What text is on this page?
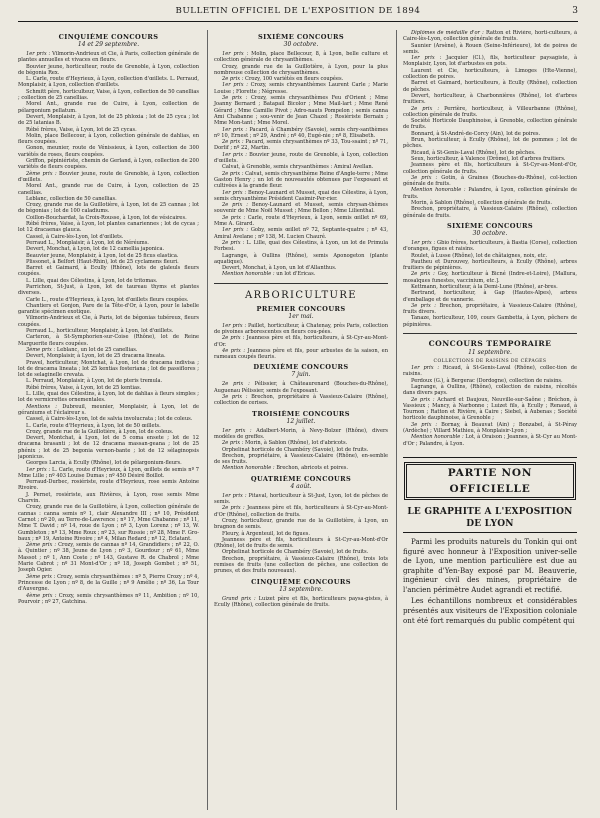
BULLETIN OFFICIEL DE L'EXPOSITION DE 1894	3
CINQUIÈME CONCOURS
14 et 29 septembre.
1er prix : Vilmorin-Andrieux et Cie, à Paris, collection générale de plantes annuelles et vivaces en fleurs.
Bouvier jeune, horticulteur, route de Grenoble, à Lyon, collection de bégonia Rex.
L. Carle, route d'Heyrieux, à Lyon, collection d'œillets. L. Perraud, Monplaisir, à Lyon, collection d'œillets.
Schmitt père, horticulteur, Vaise, à Lyon, collection de 50 canellias ; collection de 25 canellias.
Morel Ant., grande rue de Cuire, à Lyon, collection de pélargonium pellatum.
Devert, Monplaisir, à Lyon, lot de 25 phloxia ; lot de 25 cyca ; lot de 25 latanias B.
Rébé frères, Vaise, à Lyon, lot de 25 cycas.
Molin, place Bellecour, à Lyon, collection générale de dahlias, en fleurs coupées.
Gonon, meunier, route de Vénissieux, à Lyon, collection de 300 variétés de roses, fleurs coupées.
Griffon, pépiniériste, chemin de Gerland, à Lyon, collection de 200 variétés de fleurs coupées.
2ème prix : Bouvier jeune, route de Grenoble, à Lyon, collection d'œillets.
Morel Ant., grande rue de Cuire, à Lyon, collection de 25 canellias.
Leblanc, collection de 50 canellias.
Crozy, grande rue de la Guillotière, à Lyon, lot de 25 cannas ; lot de bégonias ; lot de 100 caladiums.
Coillon-Bouchardat, la Croix-Rousse, à Lyon, lot de vésicaires.
Rébé frères, Vaise, à Lyon, lot plantes canariennes ; lot de cycas ; lot 12 dracaenas glauca.
Cassel, à Caire-lès-Lyon, lot d'œillets.
Perraud L., Monplaisir, à Lyon, lot de Néréums.
Devert, Monchat, à Lyon, lot de 12 camellia japonica.
Beauvier jeune, Monplaisir, à Lyon, lot de 25 ficus elastica.
Plissonet, à Belfort (Haut-Rhin), lot de 25 cyclamens fleuri.
Barret et Gaimard, à Ecully (Rhône), lots de glaïeuls fleurs coupées.
L. Lille, quai des Célestins, à Lyon, lot de tritomas.
Parrichon, St-Just, à Lyon, lot de taureau thyms et plantes diverses.
Carle L., route d'Heyrieux, à Lyon, lot d'œillets fleurs coupées.
Chantiers et Gonjon, Pare de la Tête-d'Or, à Lyon, pour le labelle garantie spécimen exotique.
Vilmorin-Andrieux et Cie, à Paris, lot de bégonias tubéreux, fleurs coupées.
Perraud L., horticulteur, Monplaisir, à Lyon, lot d'œillets.
Carteron, à St-Symphorien-sur-Coise (Rhône), lot de Reine Marguerite fleurs coupées.
3ème prix : Leblanc, un lot de 25 canellias.
Devert, Monplaisir, à Lyon, lot de 25 dracæna lineata.
Pravel, horticulteur, Montchat, à Lyon, lot de dracæna indivisa ; lot de dracæna lineata ; lot 25 kentias fosteriana ; lot de passiflores ; lot de selaginelle crevata.
L. Perraud, Monplaisir, à Lyon, lot de pteris tremula.
Rébé frères, Vaise, à Lyon, lot de 25 kentias.
L. Lille, quai des Célestins, à Lyon, lot de dahlias à fleurs simples ; lot de vermicrettes ornementales.
Mentions : Dubreuil, meunier, Monplaisir, à Lyon, lot de géraniums et l'éclaireur s.
Cassel, à Caire-lès-Lyon, lot de salvia involucrata ; lot de coleus.
L. Carle, route d'Heyrieux, à Lyon, lot de 50 œillets.
Crozy, grande rue de la Guillotière, à Lyon, lot de coleus.
Devert, Montchat, à Lyon, lot de 5 coma ensete ; lot de 12 dracæna brasanti ; lot de 12 dracæna massan-geana ; lot de 25 phénix ; lot de 25 begonia vernon-bante ; lot de 12 sélaginopsis japonicus.
Georges Larcia, à Ecully (Rhône), lot de pélargonium-fleurs.
1er prix : L. Carle, route d'Heyrieux, à Lyon, œillets de semis nº 7 Mme Lille ; nº 403 Louise Dumas ; nº 450 Désiré Boillot.
Perraud-Durbec, rosiériste, route d'Heyrieux, rose semis Antoine Rivoire.
J. Pernet, rosiériste, aux Rivières, à Lyon, rose semis Mme Charvin.
Crozy, grande rue de la Guillotière, à Lyon, collection générale de cannas : canna semis nº 1, clair Alexandre III ; nº 10, Président Carnot ; nº 20, au Terre-de-Lawrence ; nº 17, Mme Chabanne ; nº 11, Mme T. David ; nº 14, roue de Lyon ; nº 3, Lyon Lorenz ; nº 13, W. Gumbleton ; nº 13, Mme Roux ; nº 23, sur Russie ; nº 28, Mme F. Gro-baux ; nº 19, Antoine Rivoire ; nº 4, Milan Redard ; nº 12, Eclatant.
2ème prix : Crozy, semis de cannas nº 14, Grandidiers ; nº 22, O. à. Quintier ; nº 38, Jeune de Lyon ; nº 3, Gourdour ; nº 61, Mme Massot ; nº 1, Ann Coste ; nº 143, Gustave R. de Chabrol ; Mme Marie Cabrot ; nº 31 Mont-d'Or ; nº 18, Joseph Gombet ; nº 51, Joseph Ogier.
3ème prix : Crozy, semis chrysanthèmes : nº 5, Pierre Crozy ; nº 4, Princesse de Lyon ; nº 8, de la Guille ; nº 9 Amélie ; nº 36, La Tour d'Auvergne.
4ème prix : Crozy, semis chrysanthèmes nº 11, Ambition ; nº 10, Pourvoir ; nº 27, Gatchina.
SIXIÈME CONCOURS
30 octobre.
1er prix : Molin, place Bellecour, 8, à Lyon, belle culture et collection générale de chrysanthèmes.
Crozy, grande rue de la Guillotière, à Lyon, pour la plus nombreuse collection de chrysanthèmes.
2e prix : Crozy, 100 variétés en fleurs coupées.
1er prix : Crozy, semis chrysanthèmes Laurent Carle ; Marie Louise ; Florette ; Négresse.
3e prix : Crozy, semis chrysanthèmes Feu d'Orient ; Mme Joanny Bernard ; Batapail Bicolor ; Mme Mail-lart ; Mme René Gérard ; Mme Camille Pivot ; Adro-nauts Pompelon ; semis canna Ami Chabanne ; sou-venir de Jean Chazel ; Rosiériste Bernaix ; Mme Mon-tant ; Mme Morel.
1er prix : Pacard, à Chambéry (Savoie), semis chry-santhèmes nº 10, Ernest ; nº 29, André ; nº 40, Eugé-nie ; nº 8, Elisabeth.
2e prix : Pacard, semis chrysanthèmes nº 33, Tou-ssaint ; nº 71, Dorlif ; nº 22, Martin.
1er prix : Bouvier jeune, route de Grenoble, à Lyon, collection d'œillets.
Calvat, à Grenoble, semis chrysanthèmes : Amiral Avellan.
2e prix : Calvat, semis chrysanthème Reine d'Angle-terre ; Mme Gaston Henry ; un lot de nouveautés obtenues par l'exposant et cultivées à la grande fleur.
1er prix : Benoy-Launard et Musset, quai des Célestins, à Lyon, semis chrysanthème Président Casimir-Per-rier.
2e prix : Benoy-Launard et Musset, semis chrysan-thèmes souvenir de Mme Noël Musset ; Mme Bellon ; Mme Lilienthal.
3e prix : Carle, route d'Heyrieux, à Lyon, semis œillet nº 69, Mme A. Girard.
1er prix : Goby, semis œillet nº 72, Septante-quatre ; nº 43, Amiral Avelane ; nº 138, M. Lucien Chauré.
2e prix : L. Lille, quai des Célestins, à Lyon, un lot de Primula Forbesi.
Lagrange, à Oullins (Rhône), semis Aponogeton (plante aquatique).
Devert, Monchat, à Lyon, un lot d'Allanthus.
Mention honorable : un lot d'Ericas.
ARBORICULTURE
PREMIER CONCOURS
1er mai.
1er prix : Paillet, horticulteur, à Chatenay, près Paris, collection de pivoines arborescentes en fleurs cou-pées.
2e prix : Jeanness père et fils, horticulteurs, à St-Cyr-au-Mont-d'Or.
4e prix : Jeanness père et fils, pour arbustes de la saison, en rameaux coupés fleuris.
DEUXIÈME CONCOURS
7 juin.
2e prix : Pélissier, à Châteaurenard (Bouches-du-Rhône), Auguenau Pélissier, semis de l'exposant.
3e prix : Brechon, propriétaire à Vassieux-Calaire (Rhône), collection de cerises.
TROISIÈME CONCOURS
12 juillet.
1er prix : Adalbert-Morin, à Nevy-Bolzer (Rhône), divers modèles de greffes.
2e prix : Morin, à Sablon (Rhône), lot d'abricots.
Orphelinat horticole de Chambéry (Savoie), lot de fruits.
Brechon, propriétaire, à Vassieux-Calaire (Rhône), en-semble de ses fruits.
Mention honorable : Brechon, abricots et poires.
QUATRIÈME CONCOURS
4 août.
1er prix : Pitaval, horticulteur à St-Just, Lyon, lot de pêches de semis.
2e prix : Jeanness père et fils, horticulteurs à St-Cyr-au-Mont-d'Or (Rhône), collection de fruits.
Crozy, horticulteur, grande rue de la Guillotière, à Lyon, un bragnon de semis.
Fleury, à Argenteuil, lot de figues.
Jeanness père et fils, horticulteurs à St-Cyr-au-Mont-d'Or (Rhône), lot de fruits de semis.
Orphelinat horticole de Chambéry (Savoie), lot de fruits.
Brechon, propriétaire, à Vassieux-Calaire (Rhône), trois lots remises de fruits (une collection de pêches, une collection de prunes, et des fruits nouveaux).
CINQUIÈME CONCOURS
13 septembre.
Grand prix : Luizet père et fils, horticulteurs paysa-gistes, à Ecully (Rhône), collection générale de fruits.
Diplômes de médaille d'or : Ratton et Rivière, horti-culteurs, à Caire-lès-Lyon, collection générale de fruits.
Saunier (Arsène), à Rouen (Seine-Inférieure), lot de poires de semis.
1er prix : Jacquier (Cl.), fils, horticulteur paysagiste, à Monplaisir, Lyon, lot d'arbustes en pots.
Laurent et Cie, horticulteurs, à Limoges (Hte-Vienne), collection de poires.
Barret et Gaimard, horticulteurs, à Ecully (Rhône), collection de pêches.
Devert, horticulteur, à Charbonnières (Rhône), lot d'arbres fruitiers.
2e prix : Perrière, horticulteur, à Villeurbanne (Rhône), collection générale de fruits.
Société Horticole Dauphinoise, à Grenoble, collection générale de fruits.
Bonnard, à St-André-de-Corcy (Ain), lot de poires.
Brun, horticulteur, à Ecully (Rhône), lot de pommes ; lot de pêches.
Ricaud, à St-Genis-Laval (Rhône), lot de pêches.
Seux, horticulteur, à Valence (Drôme), lot d'arbres fruitiers.
Jeanness père et fils, horticulteurs à St-Cyr-au-Mont-d'Or, collection générale de fruits.
3e prix : Gotin, à Graines (Bouches-du-Rhône), col-lection générale de fruits.
Mention honorable : Palandre, à Lyon, collection générale de fruits.
Morin, à Sablon (Rhône), collection générale de fruits.
Brechon, propriétaire, à Vassieux-Calaire (Rhône), collection générale de fruits.
SIXIÈME CONCOURS
30 octobre.
1er prix : Gbio frères, horticulteurs, à Bastia (Corse), collection d'oranges, figues et raisins.
Roulet, à Lusse (Rhône), lot de châtaignes, noix, etc.
Pautheu et Durouvey, horticulteurs, à Ecully (Rhône), arbres fruitiers de pépinières.
2e prix : Goy, horticulteur à Bicné (Indre-et-Loire), [Mallura, mosaïques funestes, vaccinium, etc.].
Kettmann, horticulteur, à la Demi-Lune (Rhône), ar-bres.
Bertrand, horticulteur, à Gap (Hautes-Alpes), arbres d'emballage et de vannerie.
3e prix : Brechon, propriétaire, à Vassieux-Calaire (Rhône), fruits divers.
Tanaze, horticulteur, 109, cours Gambetta, à Lyon, pêchers de pépinières.
CONCOURS TEMPORAIRE
11 septembre.
COLLECTIONS DE RAISINS DE CÉPAGES
1er prix : Ricaud, à St-Genis-Laval (Rhône), collec-tion de raisins.
Perdoux (G.), à Bergerac (Dordogne), collection de raisins.
Lagrange, à Oullins, (Rhône), collection de raisins, récoltés dans divers pays.
2e prix : Achard et Daujoux, Neuville-sur-Saône ; Bréchon, à Vassieux ; Mancy, à Narbonne ; Luizet fils, à Ecully ; Renaud, à Tournon ; Ratton et Rivière, à Caire ; Siebel, à Aubenas ; Société horticole dauphinoise, à Grenoble ;
3e prix : Bornay, à Beauvat (Ain) ; Bonzabel, à St-Péray (Ardèche) ; Villard Mathieu, à Monplaisir-Lyon ;
Mention honorable : Lot, à Oraison ; Jeannes, à St-Cyr au Mont-d'Or ; Palandre, à Lyon.
PARTIE NON OFFICIELLE
LE GRAPHITE A L'EXPOSITION DE LYON
Parmi les produits naturels du Tonkin qui ont figuré avec honneur à l'Exposition univer-selle de Lyon, une mention particulière est due au graphite d'Yen-Bay exposé par M. Beauverie, ingénieur civil des mines, propriétaire de l'ancien périmètre Audet agrandi et rectifié.
Les échantillons nombreux et considérables présentés aux visiteurs de l'Exposition coloniale ont été fort remarqués du public compétent qui
